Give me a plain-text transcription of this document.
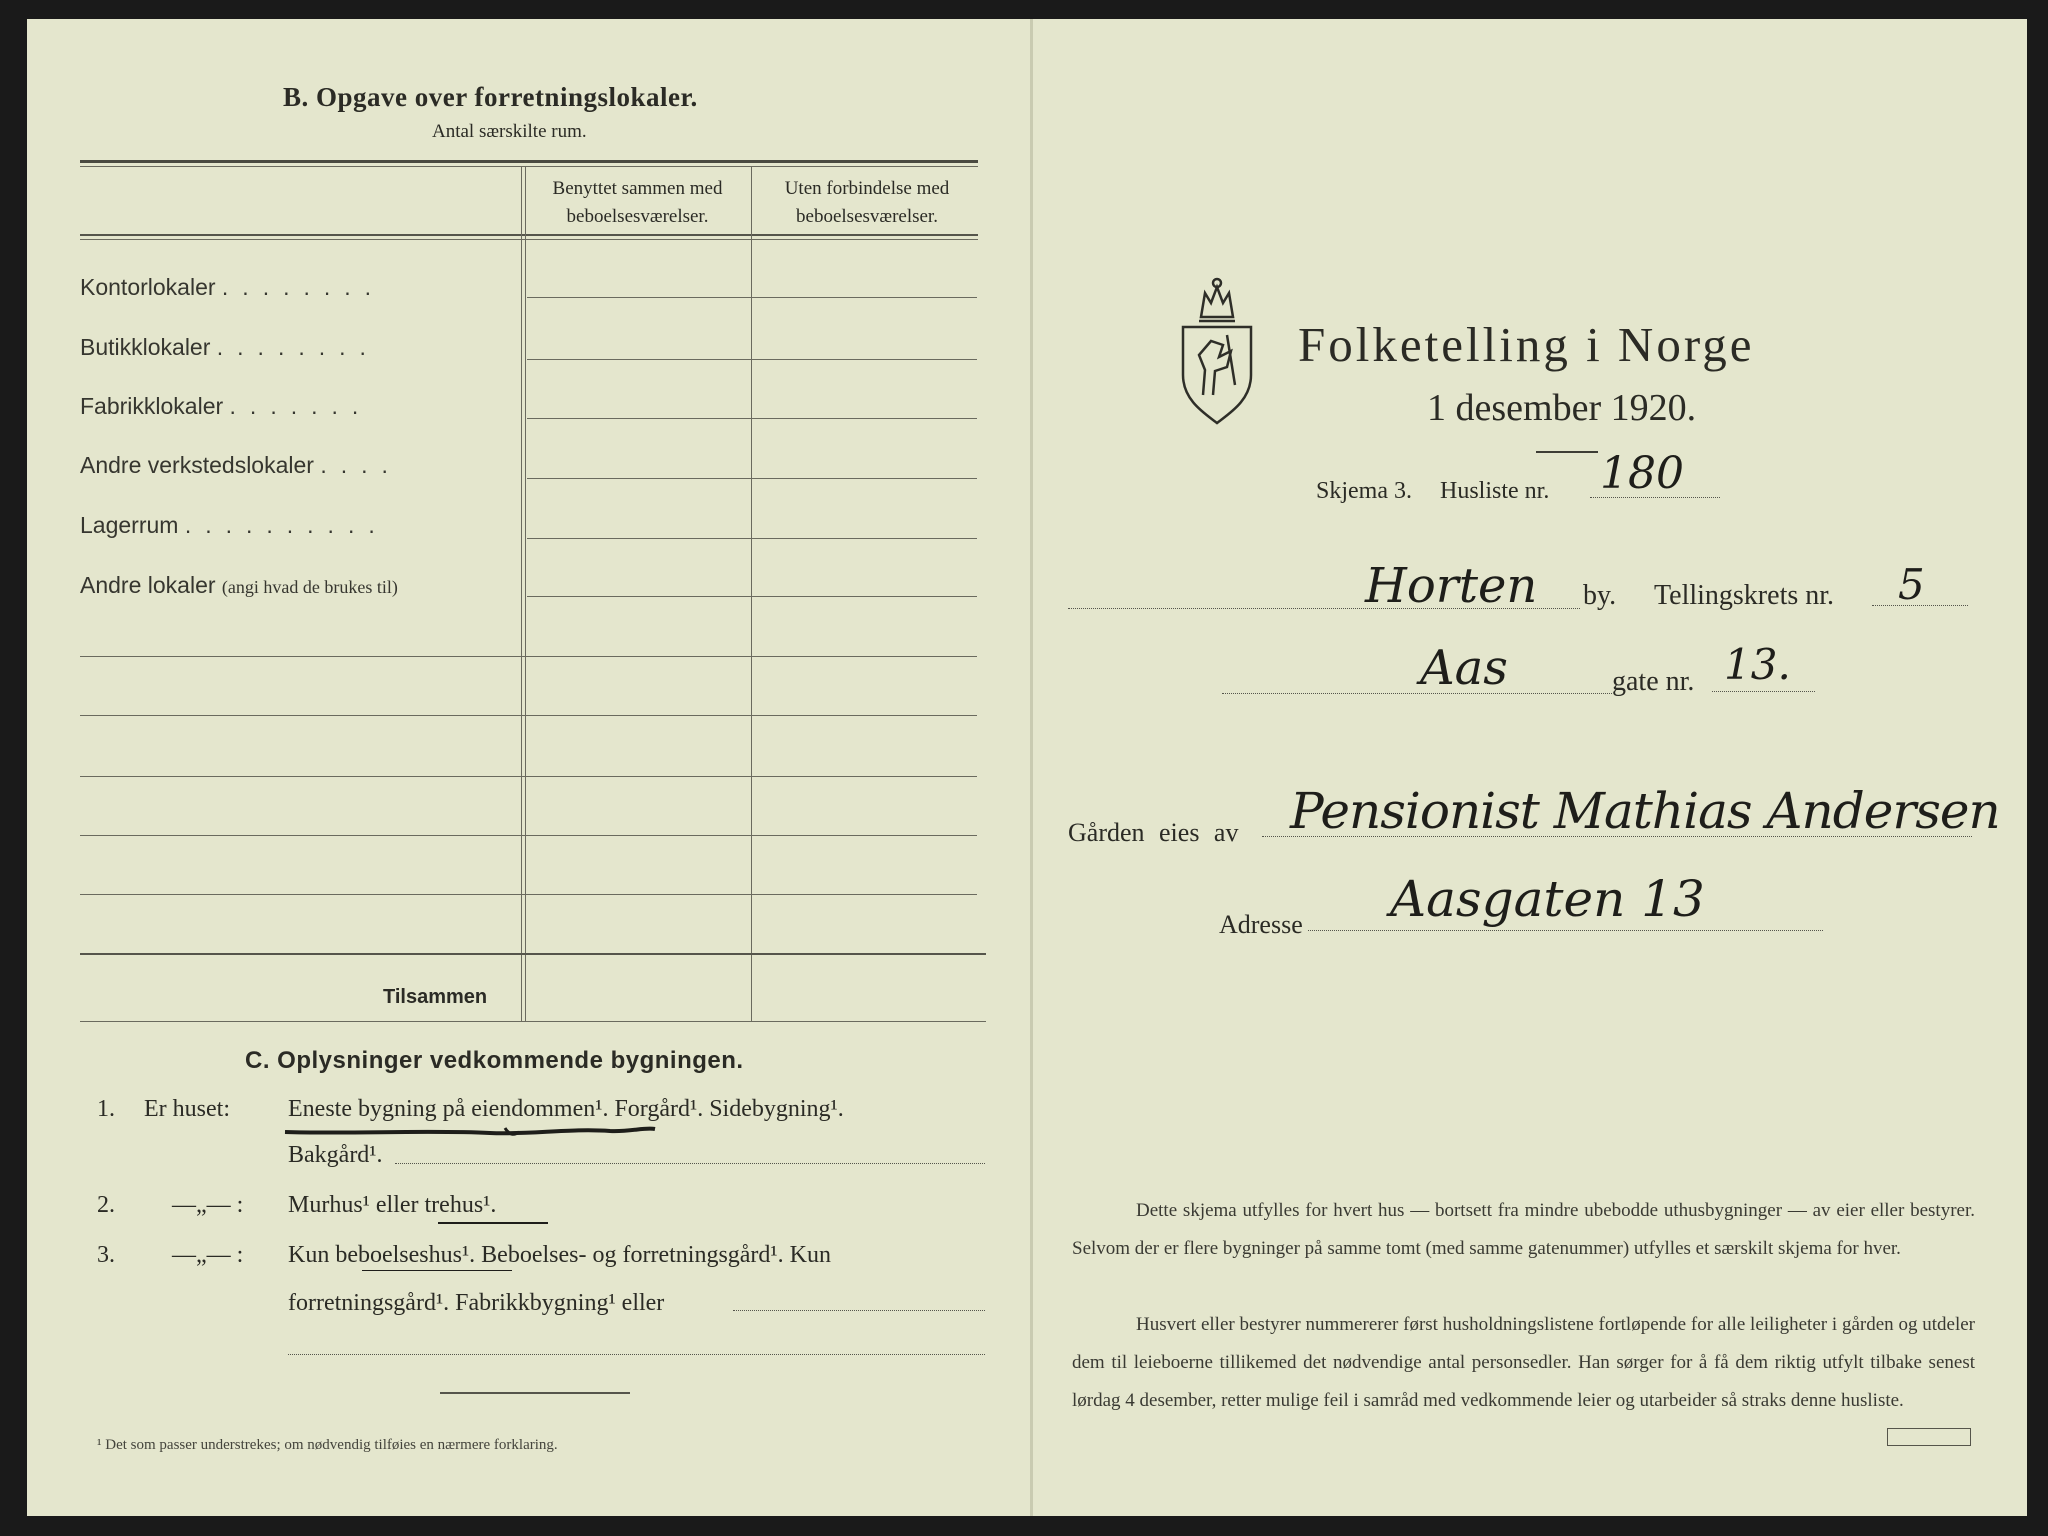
B. Opgave over forretningslokaler.
Antal særskilte rum.
Benyttet sammen med beboelsesværelser.
Uten forbindelse med beboelsesværelser.
Kontorlokaler ........
Butikklokaler ........
Fabrikklokaler .......
Andre verkstedslokaler ....
Lagerrum ..........
Andre lokaler (angi hvad de brukes til)
Tilsammen
C. Oplysninger vedkommende bygningen.
1. Er huset: Eneste bygning på eiendommen¹. Forgård¹. Sidebygning¹.
Bakgård¹.
2. —„— : Murhus¹ eller trehus¹.
3. —„— : Kun beboelseshus¹. Beboelses- og forretningsgård¹. Kun
forretningsgård¹. Fabrikkbygning¹ eller
¹ Det som passer understrekes; om nødvendig tilføies en nærmere forklaring.
Folketelling i Norge
1 desember 1920.
Skjema 3. Husliste nr. 180
Horten by. Tellingskrets nr. 5
Aas	gate nr. 13.
Gården eies av Pensionist Mathias Andersen
Adresse Aasgaten 13
Dette skjema utfylles for hvert hus — bortsett fra mindre ubebodde uthusbygninger — av eier eller bestyrer. Selvom der er flere bygninger på samme tomt (med samme gatenummer) utfylles et særskilt skjema for hver.
Husvert eller bestyrer nummererer først husholdningslistene fortløpende for alle leiligheter i gården og utdeler dem til leieboerne tillikemed det nødvendige antal personsedler. Han sørger for å få dem riktig utfylt tilbake senest lørdag 4 desember, retter mulige feil i samråd med vedkommende leier og utarbeider så straks denne husliste.
